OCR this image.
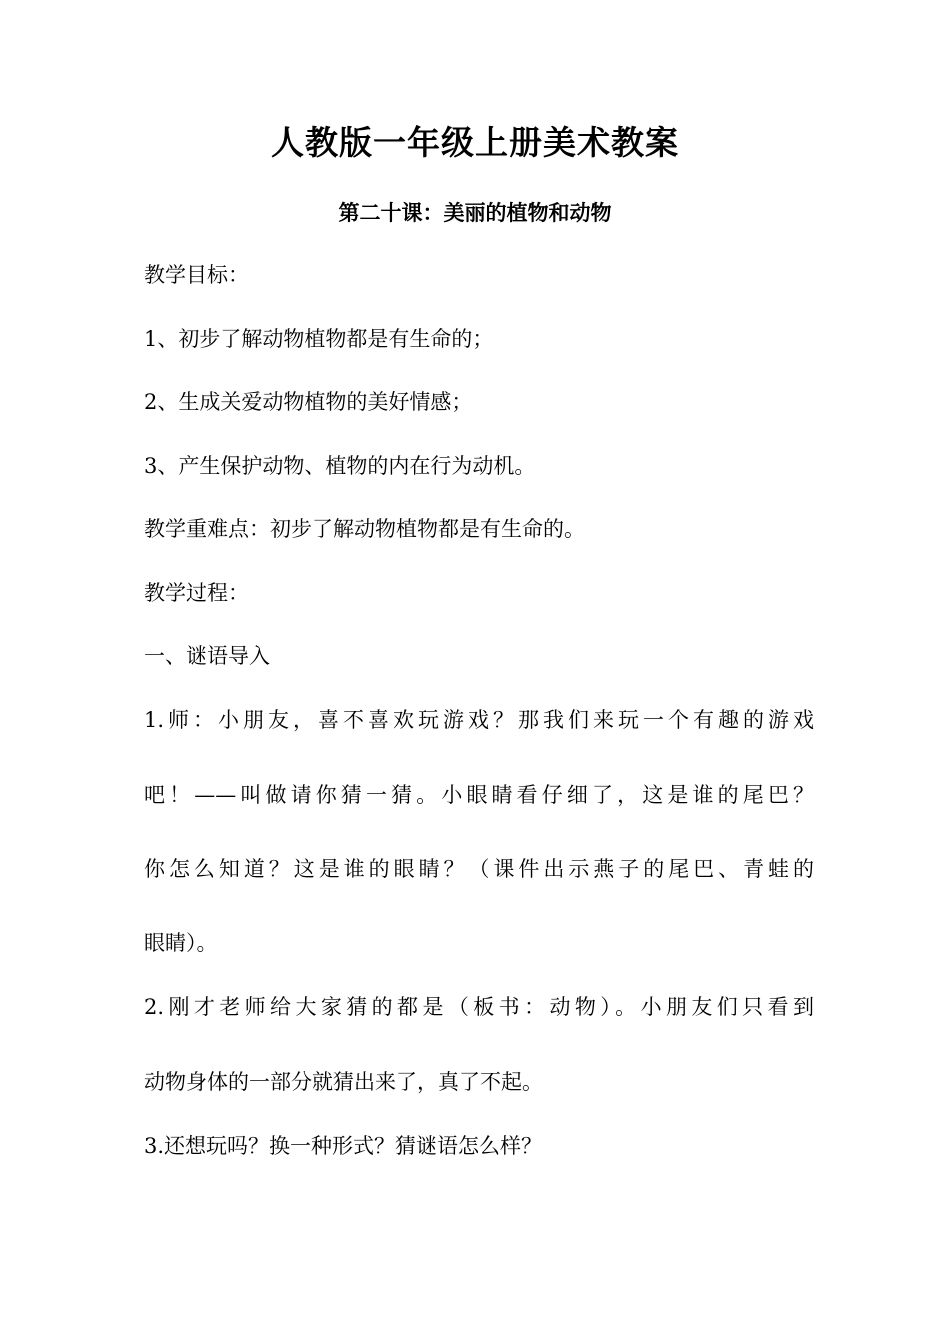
人教版一年级上册美术教案
第二十课：美丽的植物和动物
教学目标：
1、初步了解动物植物都是有生命的；
2、生成关爱动物植物的美好情感；
3、产生保护动物、植物的内在行为动机。
教学重难点：初步了解动物植物都是有生命的。
教学过程：
一、谜语导入
1.师：小朋友，喜不喜欢玩游戏？那我们来玩一个有趣的游戏
吧！——叫做请你猜一猜。小眼睛看仔细了，这是谁的尾巴？
你怎么知道？这是谁的眼睛？（课件出示燕子的尾巴、青蛙的
眼睛）。
2.刚才老师给大家猜的都是（板书：动物）。小朋友们只看到
动物身体的一部分就猜出来了，真了不起。
3.还想玩吗？换一种形式？猜谜语怎么样？
